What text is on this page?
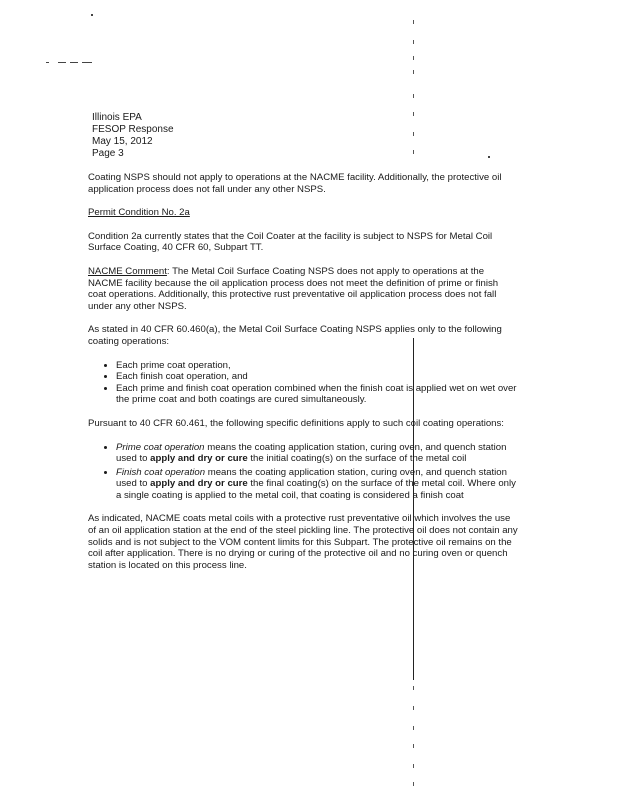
Illinois EPA
FESOP Response
May 15, 2012
Page 3

Coating NSPS should not apply to operations at the NACME facility. Additionally, the protective oil application process does not fall under any other NSPS.

Permit Condition No. 2a

Condition 2a currently states that the Coil Coater at the facility is subject to NSPS for Metal Coil Surface Coating, 40 CFR 60, Subpart TT.

NACME Comment: The Metal Coil Surface Coating NSPS does not apply to operations at the NACME facility because the oil application process does not meet the definition of prime or finish coat operations. Additionally, this protective rust preventative oil application process does not fall under any other NSPS.

As stated in 40 CFR 60.460(a), the Metal Coil Surface Coating NSPS applies only to the following coating operations:

• Each prime coat operation,
• Each finish coat operation, and
• Each prime and finish coat operation combined when the finish coat is applied wet on wet over the prime coat and both coatings are cured simultaneously.

Pursuant to 40 CFR 60.461, the following specific definitions apply to such coil coating operations:

• Prime coat operation means the coating application station, curing oven, and quench station used to apply and dry or cure the initial coating(s) on the surface of the metal coil
• Finish coat operation means the coating application station, curing oven, and quench station used to apply and dry or cure the final coating(s) on the surface of the metal coil. Where only a single coating is applied to the metal coil, that coating is considered a finish coat

As indicated, NACME coats metal coils with a protective rust preventative oil which involves the use of an oil application station at the end of the steel pickling line. The protective oil does not contain any solids and is not subject to the VOM content limits for this Subpart. The protective oil remains on the coil after application. There is no drying or curing of the protective oil and no curing oven or quench station is located on this process line.
